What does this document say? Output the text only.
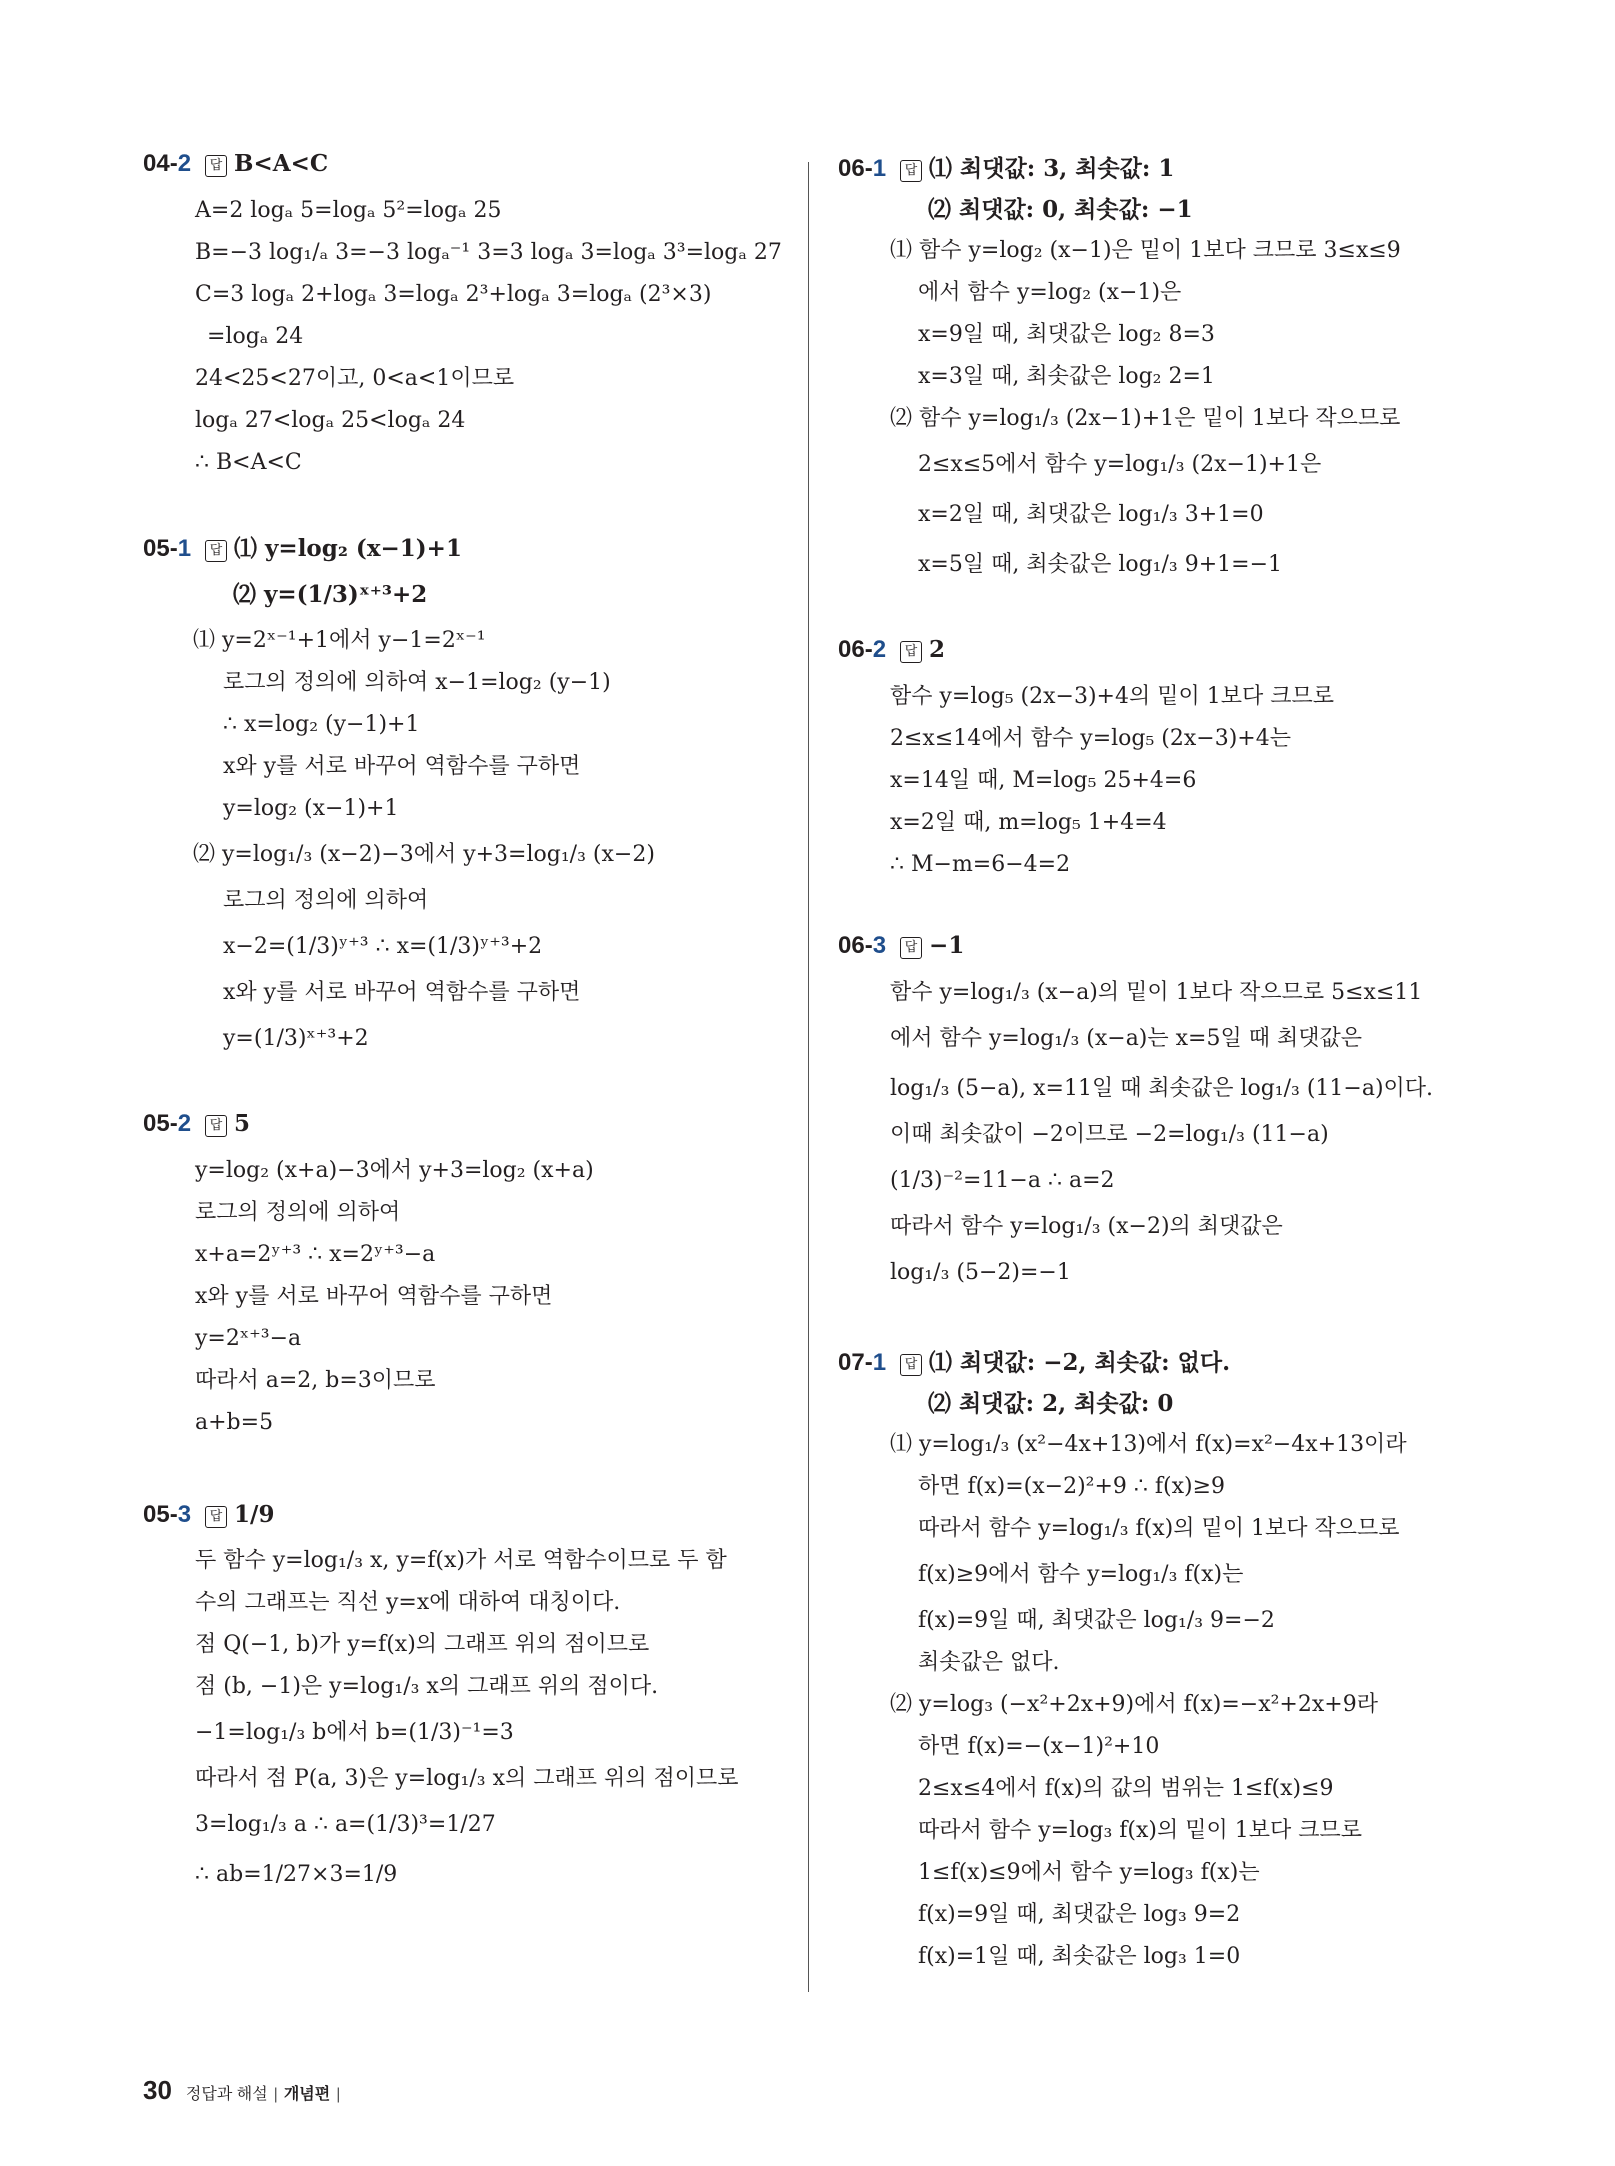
04-2	답 B<A<C
A=2 logₐ 5=logₐ 5²=logₐ 25
B=−3 log₁/ₐ 3=−3 logₐ⁻¹ 3=3 logₐ 3=logₐ 3³=logₐ 27
C=3 logₐ 2+logₐ 3=logₐ 2³+logₐ 3=logₐ (2³×3)
=logₐ 24
24<25<27이고, 0<a<1이므로
logₐ 27<logₐ 25<logₐ 24
∴ B<A<C
05-1	답 ⑴ y=log₂ (x−1)+1
⑵ y=(1/3)ˣ⁺³+2
⑴ y=2ˣ⁻¹+1에서 y−1=2ˣ⁻¹
로그의 정의에 의하여 x−1=log₂ (y−1)
∴ x=log₂ (y−1)+1
x와 y를 서로 바꾸어 역함수를 구하면
y=log₂ (x−1)+1
⑵ y=log₁/₃ (x−2)−3에서 y+3=log₁/₃ (x−2)
로그의 정의에 의하여
x−2=(1/3)ʸ⁺³ ∴ x=(1/3)ʸ⁺³+2
x와 y를 서로 바꾸어 역함수를 구하면
y=(1/3)ˣ⁺³+2
05-2	답 5
y=log₂ (x+a)−3에서 y+3=log₂ (x+a)
로그의 정의에 의하여
x+a=2ʸ⁺³ ∴ x=2ʸ⁺³−a
x와 y를 서로 바꾸어 역함수를 구하면
y=2ˣ⁺³−a
따라서 a=2, b=3이므로
a+b=5
05-3	답 1/9
두 함수 y=log₁/₃ x, y=f(x)가 서로 역함수이므로 두 함
수의 그래프는 직선 y=x에 대하여 대칭이다.
점 Q(−1, b)가 y=f(x)의 그래프 위의 점이므로
점 (b, −1)은 y=log₁/₃ x의 그래프 위의 점이다.
−1=log₁/₃ b에서 b=(1/3)⁻¹=3
따라서 점 P(a, 3)은 y=log₁/₃ x의 그래프 위의 점이므로
3=log₁/₃ a ∴ a=(1/3)³=1/27
∴ ab=1/27×3=1/9
06-1	답 ⑴ 최댓값: 3, 최솟값: 1
⑵ 최댓값: 0, 최솟값: −1
⑴ 함수 y=log₂ (x−1)은 밑이 1보다 크므로 3≤x≤9
에서 함수 y=log₂ (x−1)은
x=9일 때, 최댓값은 log₂ 8=3
x=3일 때, 최솟값은 log₂ 2=1
⑵ 함수 y=log₁/₃ (2x−1)+1은 밑이 1보다 작으므로
2≤x≤5에서 함수 y=log₁/₃ (2x−1)+1은
x=2일 때, 최댓값은 log₁/₃ 3+1=0
x=5일 때, 최솟값은 log₁/₃ 9+1=−1
06-2	답 2
함수 y=log₅ (2x−3)+4의 밑이 1보다 크므로
2≤x≤14에서 함수 y=log₅ (2x−3)+4는
x=14일 때, M=log₅ 25+4=6
x=2일 때, m=log₅ 1+4=4
∴ M−m=6−4=2
06-3	답 −1
함수 y=log₁/₃ (x−a)의 밑이 1보다 작으므로 5≤x≤11
에서 함수 y=log₁/₃ (x−a)는 x=5일 때 최댓값은
log₁/₃ (5−a), x=11일 때 최솟값은 log₁/₃ (11−a)이다.
이때 최솟값이 −2이므로 −2=log₁/₃ (11−a)
(1/3)⁻²=11−a ∴ a=2
따라서 함수 y=log₁/₃ (x−2)의 최댓값은
log₁/₃ (5−2)=−1
07-1	답 ⑴ 최댓값: −2, 최솟값: 없다.
⑵ 최댓값: 2, 최솟값: 0
⑴ y=log₁/₃ (x²−4x+13)에서 f(x)=x²−4x+13이라
하면 f(x)=(x−2)²+9 ∴ f(x)≥9
따라서 함수 y=log₁/₃ f(x)의 밑이 1보다 작으므로
f(x)≥9에서 함수 y=log₁/₃ f(x)는
f(x)=9일 때, 최댓값은 log₁/₃ 9=−2
최솟값은 없다.
⑵ y=log₃ (−x²+2x+9)에서 f(x)=−x²+2x+9라
하면 f(x)=−(x−1)²+10
2≤x≤4에서 f(x)의 값의 범위는 1≤f(x)≤9
따라서 함수 y=log₃ f(x)의 밑이 1보다 크므로
1≤f(x)≤9에서 함수 y=log₃ f(x)는
f(x)=9일 때, 최댓값은 log₃ 9=2
f(x)=1일 때, 최솟값은 log₃ 1=0
30 정답과 해설 | 개념편 |
